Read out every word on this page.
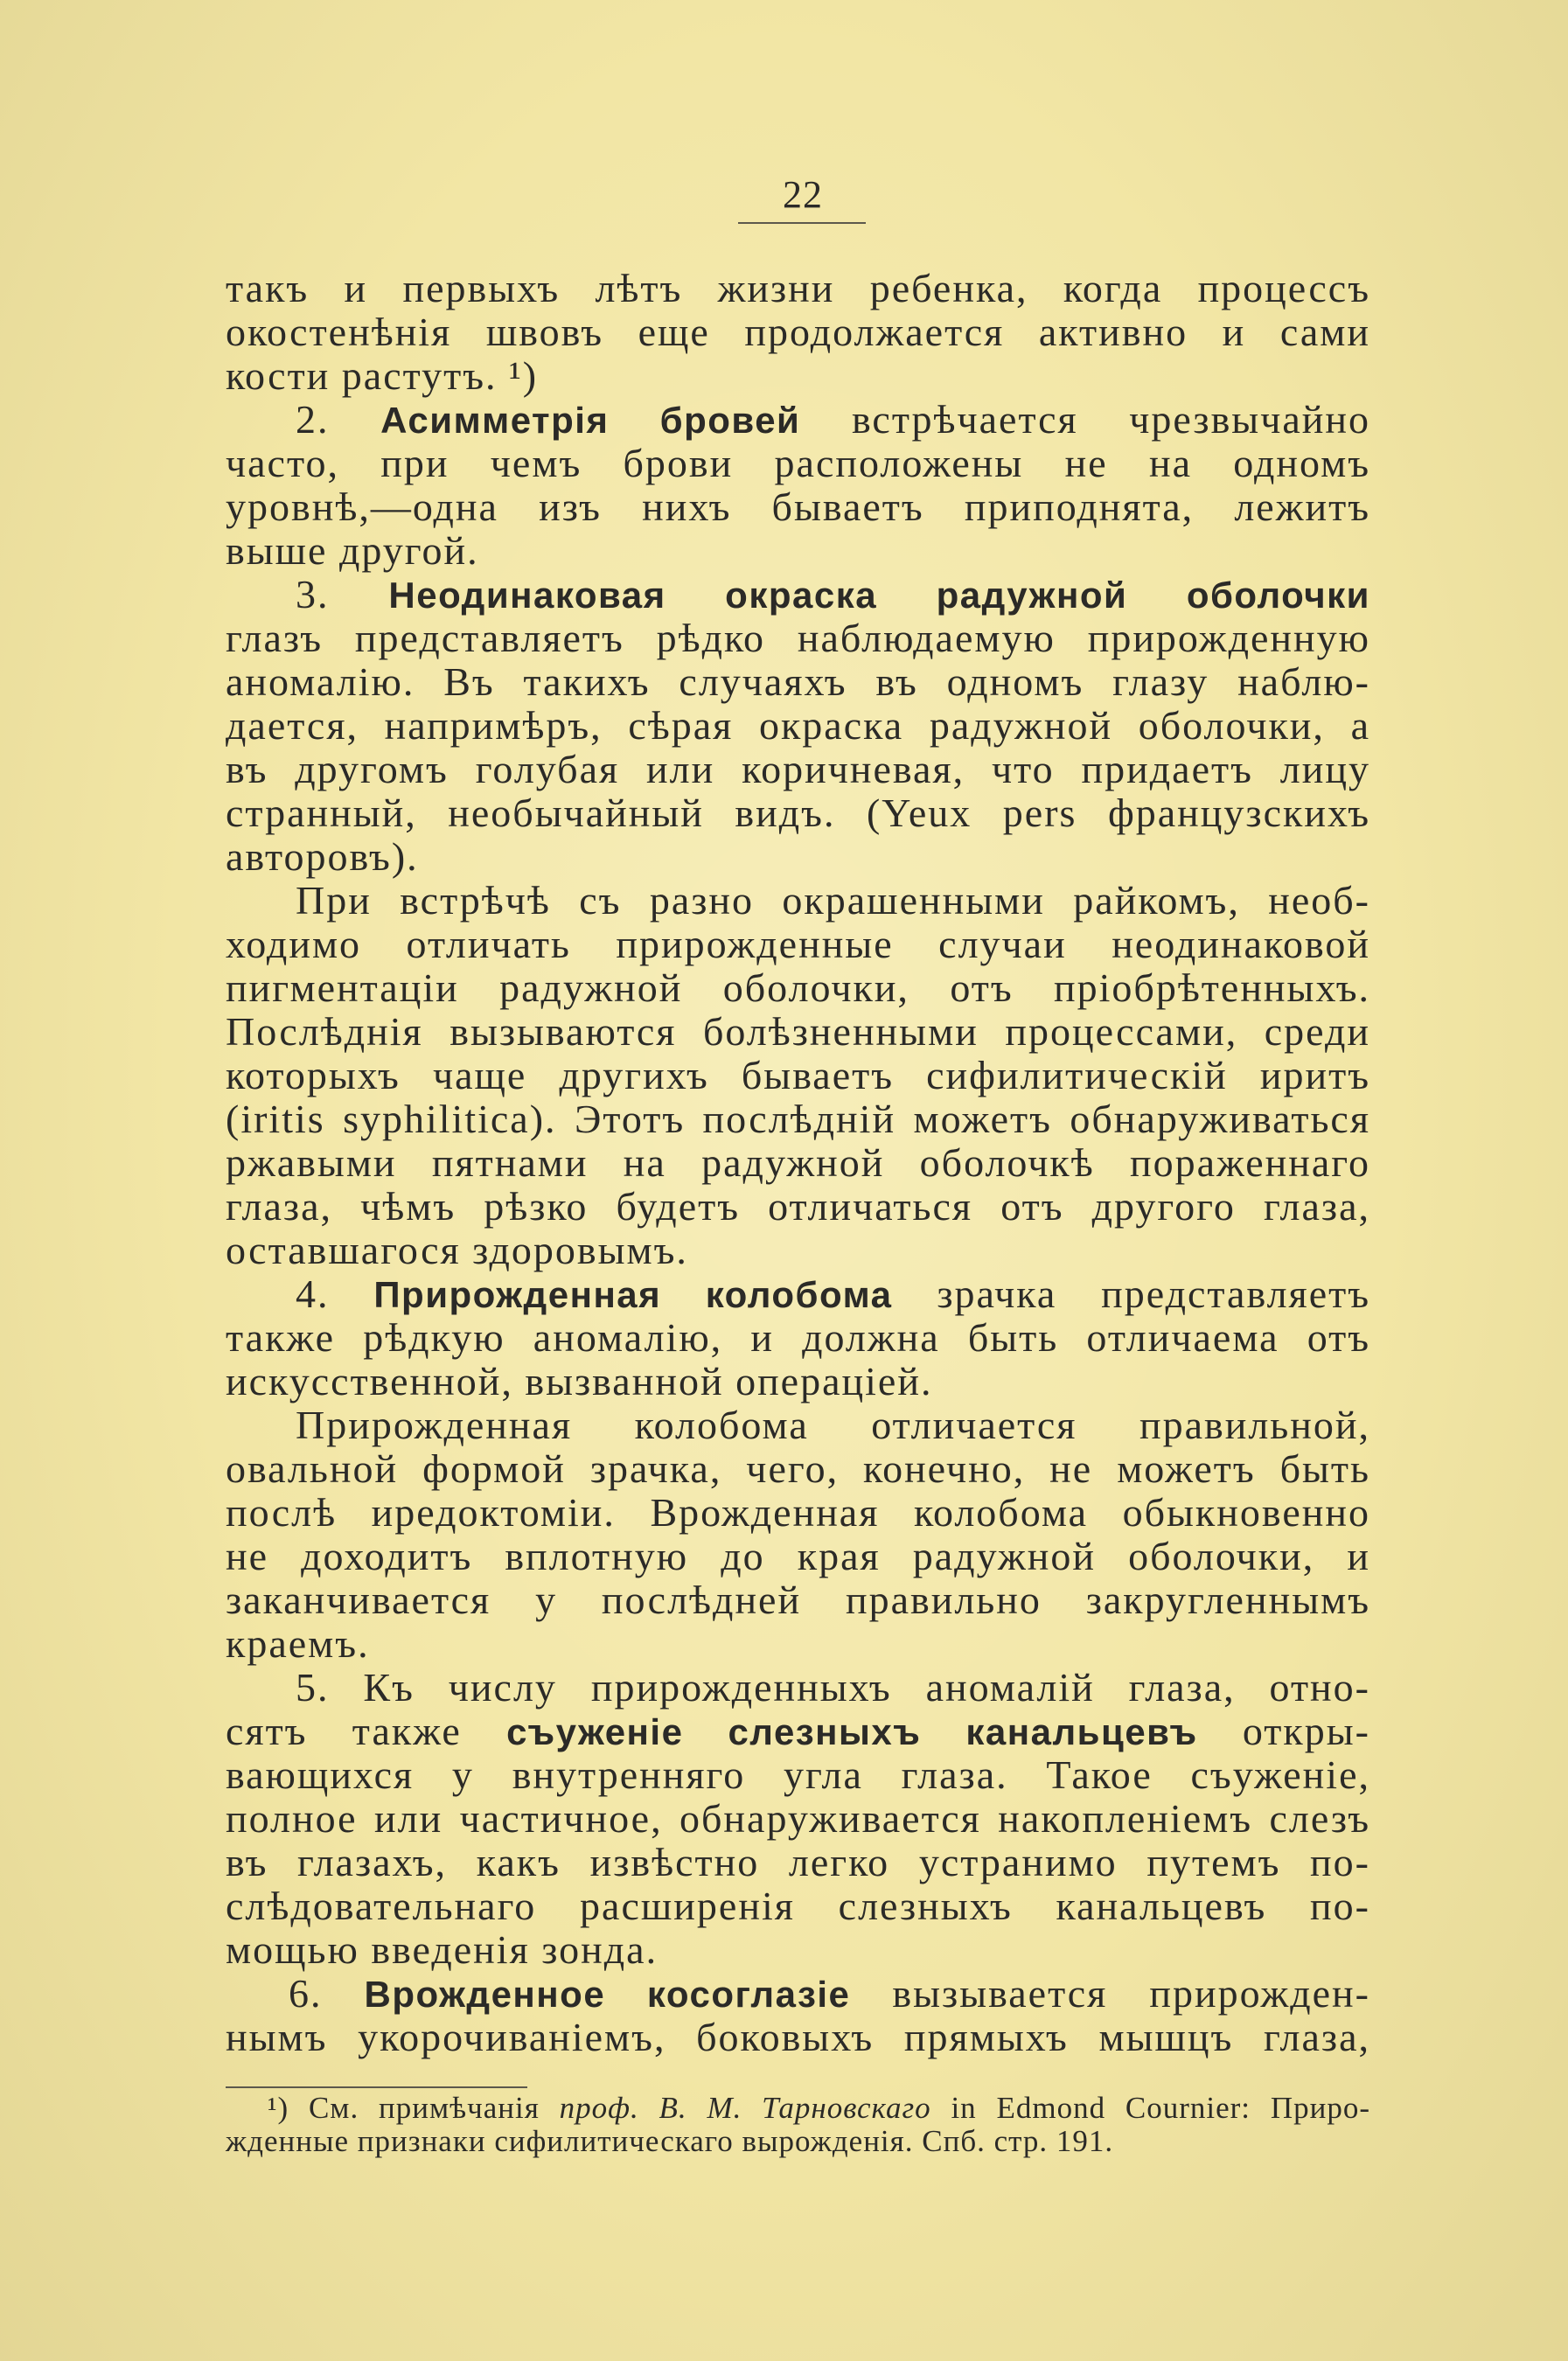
22
такъ и первыхъ лѣтъ жизни ребенка, когда процессъ
окостенѣнія швовъ еще продолжается активно и сами
кости растутъ. ¹)
2. Асимметрія бровей встрѣчается чрезвычайно
часто, при чемъ брови расположены не на одномъ
уровнѣ,—одна изъ нихъ бываетъ приподнята, лежитъ
выше другой.
3. Неодинаковая окраска радужной оболочки
глазъ представляетъ рѣдко наблюдаемую прирожденную
аномалію. Въ такихъ случаяхъ въ одномъ глазу наблю-
дается, напримѣръ, сѣрая окраска радужной оболочки, а
въ другомъ голубая или коричневая, что придаетъ лицу
странный, необычайный видъ. (Yeux pers французскихъ
авторовъ).
При встрѣчѣ съ разно окрашенными райкомъ, необ-
ходимо отличать прирожденные случаи неодинаковой
пигментаціи радужной оболочки, отъ пріобрѣтенныхъ.
Послѣднія вызываются болѣзненными процессами, среди
которыхъ чаще другихъ бываетъ сифилитическій иритъ
(iritis syphilitica). Этотъ послѣдній можетъ обнаруживаться
ржавыми пятнами на радужной оболочкѣ пораженнаго
глаза, чѣмъ рѣзко будетъ отличаться отъ другого глаза,
оставшагося здоровымъ.
4. Прирожденная колобома зрачка представляетъ
также рѣдкую аномалію, и должна быть отличаема отъ
искусственной, вызванной операціей.
Прирожденная колобома отличается правильной,
овальной формой зрачка, чего, конечно, не можетъ быть
послѣ иредоктоміи. Врожденная колобома обыкновенно
не доходитъ вплотную до края радужной оболочки, и
заканчивается у послѣдней правильно закругленнымъ
краемъ.
5. Къ числу прирожденныхъ аномалій глаза, отно-
сятъ также съуженіе слезныхъ канальцевъ откры-
вающихся у внутренняго угла глаза. Такое съуженіе,
полное или частичное, обнаруживается накопленіемъ слезъ
въ глазахъ, какъ извѣстно легко устранимо путемъ по-
слѣдовательнаго расширенія слезныхъ канальцевъ по-
мощью введенія зонда.
6. Врожденное косоглазіе вызывается прирожден-
нымъ укорочиваніемъ, боковыхъ прямыхъ мышцъ глаза,
¹) См. примѣчанія проф. В. М. Тарновскаго in Edmond Cournier: Приро-
жденные признаки сифилитическаго вырожденія. Спб. стр. 191.
